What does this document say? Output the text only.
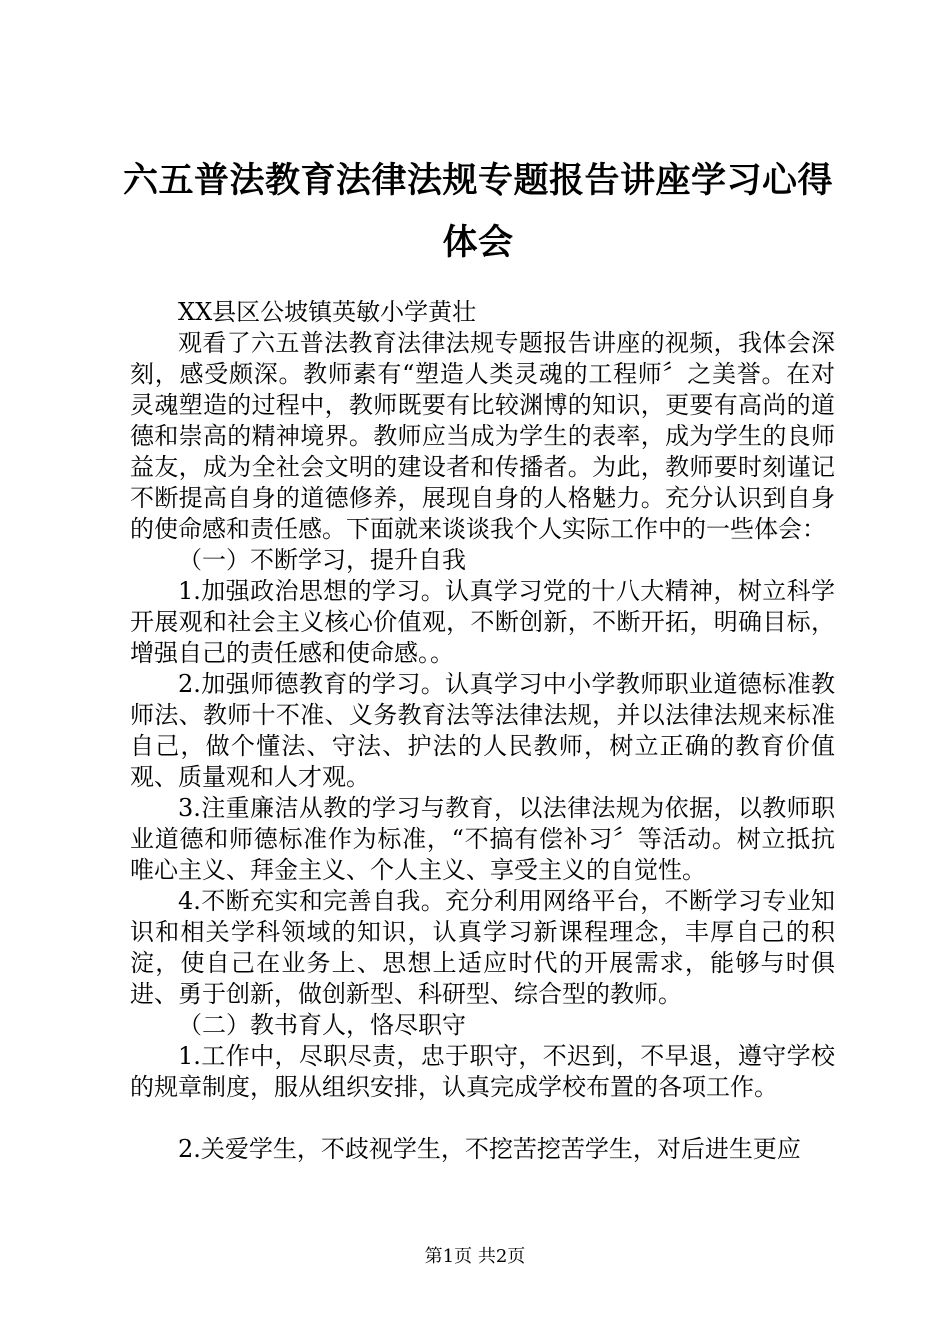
六五普法教育法律法规专题报告讲座学习心得
体会

XX县区公坡镇英敏小学黄壮

观看了六五普法教育法律法规专题报告讲座的视频，我体会深刻，感受颇深。教师素有“塑造人类灵魂的工程师〞之美誉。在对灵魂塑造的过程中，教师既要有比较渊博的知识，更要有高尚的道德和崇高的精神境界。教师应当成为学生的表率，成为学生的良师益友，成为全社会文明的建设者和传播者。为此，教师要时刻谨记不断提高自身的道德修养，展现自身的人格魅力。充分认识到自身的使命感和责任感。下面就来谈谈我个人实际工作中的一些体会：

（一）不断学习，提升自我

1.加强政治思想的学习。认真学习党的十八大精神，树立科学开展观和社会主义核心价值观，不断创新，不断开拓，明确目标，增强自己的责任感和使命感。。

2.加强师德教育的学习。认真学习中小学教师职业道德标准教师法、教师十不准、义务教育法等法律法规，并以法律法规来标准自己，做个懂法、守法、护法的人民教师，树立正确的教育价值观、质量观和人才观。

3.注重廉洁从教的学习与教育，以法律法规为依据，以教师职业道德和师德标准作为标准，“不搞有偿补习〞等活动。树立抵抗唯心主义、拜金主义、个人主义、享受主义的自觉性。

4.不断充实和完善自我。充分利用网络平台，不断学习专业知识和相关学科领域的知识，认真学习新课程理念，丰厚自己的积淀，使自己在业务上、思想上适应时代的开展需求，能够与时俱进、勇于创新，做创新型、科研型、综合型的教师。

（二）教书育人，恪尽职守

1.工作中，尽职尽责，忠于职守，不迟到，不早退，遵守学校的规章制度，服从组织安排，认真完成学校布置的各项工作。

2.关爱学生，不歧视学生，不挖苦挖苦学生，对后进生更应

第1页 共2页
